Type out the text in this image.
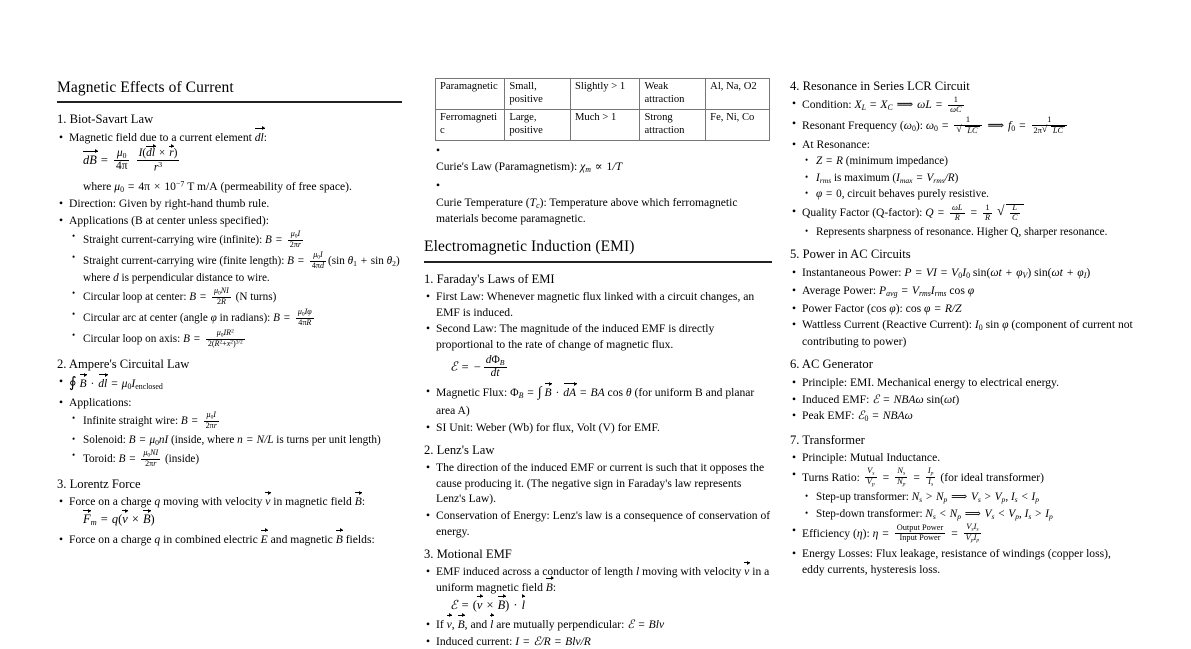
Magnetic Effects of Current
1. Biot-Savart Law
• Magnetic field due to a current element dl:
dB = $\frac{\mu_0}{4\pi}$
$\frac{I(dl \times r)}{r^3}$
where $\mu_0 = 4\pi \times 10^{-7}$ T m/A (permeability of free space).
• Direction: Given by right-hand thumb rule.
• Applications (B at center unless specified):
• Straight current-carrying wire (infinite): $B = \frac{\mu_0I}{2\pi r}$
• Straight current-carrying wire (finite length): $B = \frac{\mu_0I}{4\pi d} (\sin$ $\theta_1 + \sin \theta_2$) where d is perpendicular distance to wire.
• Circular loop at center: $B = \frac{\mu_0NI}{2R} (N$ turns)
• Circular arc at center (angle φ in radians): $B = \frac{\mu_0I\varphi}{4\pi R}$
• Circular loop on axis: $B = \frac{\mu_0IR^2}{2(R^2+x^2)^{3/2}}$
2. Ampere's Circuital Law
• ∮ B · dl = $\mu_0I_{enclosed}$
• Applications:
• Infinite straight wire: $B = \frac{\mu_0I}{2\pi r}$
• Solenoid: $B = \mu_0nI$ (inside, where n = N/L is turns per unit length)
• Toroid: $B = \frac{\mu_0NI}{2\pi r}$ (inside)
3. Lorentz Force
• Force on a charge q moving with velocity v in magnetic field B:
$F_m = q(v \times B)$
• Force on a charge q in combined electric E and magnetic B fields:
Paramagnetic	Small, positive	Slightly > 1	Weak attraction	Al, Na, O2
Ferromagnetic	Large, positive	Much > 1	Strong attraction	Fe, Ni, Co
•
Curie's Law (Paramagnetism): $\chi_m \propto 1/T$
•
Curie Temperature $(T_c)$: Temperature above which ferromagnetic materials become paramagnetic.
Electromagnetic Induction (EMI)
1. Faraday's Laws of EMI
• First Law: Whenever magnetic flux linked with a circuit changes, an EMF is induced.
• Second Law: The magnitude of the induced EMF is directly proportional to the rate of change of magnetic flux.
ℰ = − $\frac{d\Phi_B}{dt}$
• Magnetic Flux: $\Phi_B$ = ∫ B · dA = BA cos θ (for uniform B and planar area A)
• SI Unit: Weber (Wb) for flux, Volt (V) for EMF.
2. Lenz's Law
• The direction of the induced EMF or current is such that it opposes the cause producing it. (The negative sign in Faraday's law represents Lenz's Law).
• Conservation of Energy: Lenz's law is a consequence of conservation of energy.
3. Motional EMF
• EMF induced across a conductor of length l moving with velocity v in a uniform magnetic field B:
ℰ = (v × B) · l
• If v, B, and l are mutually perpendicular: ℰ = Blv
• Induced current: I = ℰ/R = Blv/R
4. Resonance in Series LCR Circuit
• Condition: $X_L = X_C$ ⟹ $\omega L = \frac{1}{\omega C}$
• Resonant Frequency $(\omega_0)$: $\omega_0 = 1$
√ LC ⟹ $f_0 = \frac{1}{2\pi √ LC}$
• At Resonance:
• Z = R (minimum impedance)
• $I_{rms}$ is maximum $(I_{max} = V_{rms}/R)$
• φ = 0, circuit behaves purely resistive.
• Quality Factor (Q-factor): $Q = \frac{\omega L}{R} = \frac{1}{R}$
√ $\frac{L}{C}$
• Represents sharpness of resonance. Higher Q, sharper resonance.
5. Power in AC Circuits
• Instantaneous Power: P = VI = $V_0I_0$ $\sin(\omega t + \varphi_V)$ $\sin(\omega t + \varphi_I)$
• Average Power: $P_{avg} = V_{rms}I_{rms}$ cos φ
• Power Factor (cos φ): cos φ = R/Z
• Wattless Current (Reactive Current): $I_0$ sin φ (component of current not contributing to power)
6. AC Generator
• Principle: EMI. Mechanical energy to electrical energy.
• Induced EMF: ℰ = NBAω sin(ωt)
• Peak EMF: ℰ$_0$ = NBAω
7. Transformer
• Principle: Mutual Inductance.
• Turns Ratio: $\frac{V_s}{V_p} = \frac{N_s}{N_p} = \frac{I_p}{I_s} (for$ ideal transformer)
• Step-up transformer: $N_s > N_p$ ⟹ $V_s > V_p$, $I_s < I_p$
• Step-down transformer: $N_s < N_p$ ⟹ $V_s < V_p$, $I_s > I_p$
• Efficiency (η): $\eta = \frac{\text{Output Power}}{\text{Input Power}} = \frac{V_sI_s}{V_pI_p}$
• Energy Losses: Flux leakage, resistance of windings (copper loss), eddy currents, hysteresis loss.
